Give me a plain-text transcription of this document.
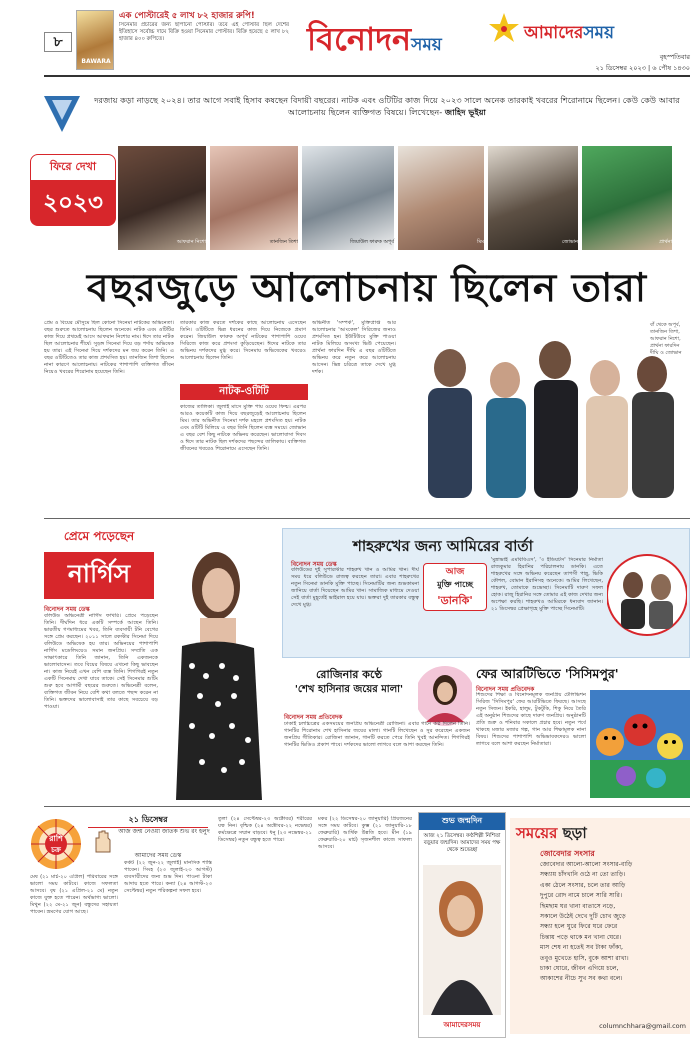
BAWARA
এক পোস্টারেই ৫ লাখ ৮২ হাজার রুপি!
সিনেমার প্রচারের জন্য ছাপানো পোস্টার। তবে এই পোস্টার ছিল দেশের ইতিহাসে সর্বোচ্চ দামে বিক্রি হওয়া সিনেমার পোস্টার। বিক্রি হয়েছে ৫ লাখ ৮২ হাজার ৪০০ রুপিতে।
৮	বিনোদনসময়
আমাদেরসময়
বৃহস্পতিবার
২১ ডিসেম্বর ২০২৩ | ৬ পৌষ ১৪৩০
দরজায় কড়া নাড়ছে ২০২৪। তার আগে সবাই হিসাব কষছেন বিদায়ী বছরের। নাটক এবং ওটিটির কাজ দিয়ে ২০২৩ সালে অনেক তারকাই খবরের শিরোনামে ছিলেন। কেউ কেউ আবার আলোচনায় ছিলেন ব্যক্তিগত বিষয়ে। লিখেছেন- জাহিদ ভূইয়া
ফিরে দেখা
২০২৩
আফরান নিশো	তানজিন তিশা	জিয়াউল ফারুক অপূর্ব	মিম	জোভান	প্রার্থনা
বছরজুড়ে আলোচনায় ছিলেন তারা
প্রেম ও বিয়ের মৌসুমে ছিল কোনো সিনেমা নাটকের অভিনেতা। বছর শুরুতে আলোচনায় ছিলেন অনেকে। নাটক এবং ওটিটির কাজ দিয়ে প্রথমেই আসে আফরান নিশোর নাম। ঈদে তার নাটক ছিল আলোচনার শীর্ষে। সুড়ঙ্গ সিনেমা দিয়ে বড় পর্দায় অভিষেক হয় তার। এই সিনেমা দিয়ে দর্শকদের মন জয় করেন তিনি। এ বছর ওটিটিতেও তার কাজ প্রশংসিত হয়। তানজিন তিশা ছিলেন নানা কারণে আলোচনায়। নাটকের পাশাপাশি ব্যক্তিগত জীবন নিয়েও খবরের শিরোনাম হয়েছেন তিনি।
তারকার কাজ করতে দর্শকের কাছে আলোচনায় এসেছেন তিনি। ওটিটিতে ভিন্ন ধরনের কাজ দিয়ে নিজেকে প্রমাণ করেন। জিয়াউল ফারুক অপূর্ব নাটকের পাশাপাশি ওয়েব সিরিজে কাজ করে প্রশংসা কুড়িয়েছেন। ঈদের নাটকে তার অভিনয় দর্শকদের মুগ্ধ করে। সিনেমায় অভিষেকের খবরেও আলোচনায় ছিলেন তিনি।
নাটক-ওটিটি
কাজের তালিকা। জুলাই মাসে মুক্তি পায় ওয়েব ফিল্ম। এরপর আরও কয়েকটি কাজ দিয়ে বছরজুড়েই আলোচনায় ছিলেন মিম। তার অভিনীত সিনেমা দর্শক মহলে প্রশংসিত হয়। নাটক এবং ওটিটি মিলিয়ে এ বছর তিনি ছিলেন ব্যস্ত সময়ে। জোভান এ বছর বেশ কিছু নাটকে অভিনয় করেছেন। ভালোবাসা দিবস ও ঈদে তার নাটক ছিল দর্শকদের পছন্দের তালিকায়। ব্যক্তিগত জীবনের খবরেও শিরোনামে এসেছেন তিনি।
অভিনীত 'সম্পর্ক', মুক্তিপ্রাপ্ত আর আলোচনার 'আংকেল' সিরিজের জন্যও প্রশংসিত হন। ইউটিউবে মুক্তি পাওয়া নাটক মিলিয়ে অসংখ্য ভিউ পেয়েছেন। প্রার্থনা ফারদিন দীঘি এ বছর ওটিটিতে অভিনয় করে নতুন করে আলোচনায় আসেন। ভিন্ন চরিত্রে তাকে দেখে মুগ্ধ দর্শক।
বাঁ থেকে অপূর্ব, তানজিন তিশা, আফরান নিশো, প্রার্থনা ফারদিন দীঘি ও জোভান
প্রেমে পড়েছেন
নার্গিস
বিনোদন সময় ডেস্ক
বলিউড অভিনেত্রী নার্গিস ফাখরি। প্রেমে পড়েছেন তিনি। দীর্ঘদিন ধরে একটি সম্পর্কে আছেন তিনি। ভারতীয় গণমাধ্যমের খবর, তিনি ব্যবসায়ী টনি বেগের সঙ্গে প্রেম করছেন। ২০১১ সালে রকস্টার সিনেমা দিয়ে বলিউডে অভিষেক হয় তার। অভিনয়ের পাশাপাশি নার্গিস মডেলিংয়েও সমান জনপ্রিয়। সম্প্রতি এক সাক্ষাৎকারে তিনি জানান, তিনি একজনকে ভালোবাসেন। তবে বিয়ের বিষয়ে এখনো কিছু ভাবছেন না। কাজ নিয়েই এখন বেশি ব্যস্ত তিনি। শিগগিরই নতুন একটি সিনেমায় দেখা যাবে তাকে। সেই সিনেমার শুটিং শুরু হবে আগামী বছরের শুরুতে। অভিনেত্রী বলেন, ব্যক্তিগত জীবন নিয়ে বেশি কথা বলতে পছন্দ করেন না তিনি। ভক্তদের ভালোবাসাই তার কাছে সবচেয়ে বড় পাওয়া।
শাহরুখের জন্য আমিরের বার্তা
বিনোদন সময় ডেস্ক
বলিউডের দুই সুপারস্টার শাহরুখ খান ও আমির খান। দীর্ঘ সময় ধরে বলিউডে রাজত্ব করছেন তারা। এবার শাহরুখের নতুন সিনেমা ডানকি মুক্তি পাচ্ছে। সিনেমাটির জন্য শুভকামনা জানিয়ে বার্তা দিয়েছেন আমির খান। সামাজিক মাধ্যমে দেওয়া সেই বার্তা মুহূর্তেই ভাইরাল হয়ে যায়। ভক্তরা দুই তারকার বন্ধুত্ব দেখে মুগ্ধ।
আজ
মুক্তি পাচ্ছে
'ডানকি'
'মুন্নাভাই এমবিবিএস', '৩ ইডিয়টস' সিনেমার নির্মাতা রাজকুমার হিরানির পরিচালনায় ডানকি। এতে শাহরুখের সঙ্গে অভিনয় করেছেন তাপসী পান্নু, ভিকি কৌশল, বোমান ইরানিসহ অনেকে। আমির লিখেছেন, শাহরুখ, তোমাকে শুভেচ্ছা। সিনেমাটি দারুণ সফল হোক। রাজু হিরানির সঙ্গে তোমার এই কাজ দেখার জন্য অপেক্ষা করছি। শাহরুখও আমিরকে ধন্যবাদ জানান। ২১ ডিসেম্বর প্রেক্ষাগৃহে মুক্তি পাচ্ছে সিনেমাটি।
রোজিনার কণ্ঠে
'শেখ হাসিনার জয়ের মালা'
বিনোদন সময় প্রতিবেদক
ঢাকাই চলচ্চিত্রের একসময়ের জনপ্রিয় অভিনেত্রী রোজিনা। এবার গানে কণ্ঠ দিলেন তিনি। গানটির শিরোনাম শেখ হাসিনার জয়ের মালা। গানটি লিখেছেন ও সুর করেছেন একজন জনপ্রিয় গীতিকার। রোজিনা জানান, গানটি করতে পেরে তিনি খুবই আনন্দিত। শিগগিরই গানটির ভিডিও প্রকাশ পাবে। দর্শকদের ভালো লাগবে বলে আশা করছেন তিনি।
ফের আরটিভিতে 'সিসিমপুর'
বিনোদন সময় প্রতিবেদক
শিশুদের শিক্ষা ও বিনোদনমূলক জনপ্রিয় টেলিভিশন সিরিজ 'সিসিমপুর' ফের আরটিভিতে ফিরছে। আসছে নতুন সিজন। ইকরি, হালুম, টুকটুকি, শিকু নিয়ে তৈরি এই অনুষ্ঠান শিশুদের কাছে দারুণ জনপ্রিয়। অনুষ্ঠানটি প্রতি শুক্র ও শনিবার সকালে প্রচার হবে। নতুন পর্বে থাকছে মজার মজার গল্প, গান আর শিক্ষামূলক নানা বিষয়। শিশুদের পাশাপাশি অভিভাবকদেরও ভালো লাগবে বলে আশা করছেন নির্মাতারা।
রাশি
চক্র
২১ ডিসেম্বর
আজ জন্ম নেওয়া জাতক শুভ রং হলুদ
আমাদের সময় ডেস্ক
মেষ (২১ মার্চ-২০ এপ্রিল) পরিবারের সঙ্গে ভালো সময় কাটবে। কাজে সফলতা আসবে। বৃষ (২১ এপ্রিল-২১ মে) নতুন কাজে যুক্ত হতে পারেন। অর্থভাগ্য ভালো। মিথুন (২২ মে-২১ জুন) বন্ধুদের সহায়তা পাবেন। ভ্রমণের যোগ আছে।
কর্কট (২২ জুন-২২ জুলাই) মানসিক শান্তি পাবেন। সিংহ (২৩ জুলাই-২৩ আগস্ট) ব্যবসায়ীদের জন্য শুভ দিন। পাওনা টাকা আদায় হতে পারে। কন্যা (২৪ আগস্ট-২৩ সেপ্টেম্বর) নতুন পরিকল্পনা সফল হবে।
তুলা (২৪ সেপ্টেম্বর-২৩ অক্টোবর) শরীরের যত্ন নিন। বৃশ্চিক (২৪ অক্টোবর-২২ নভেম্বর) কর্মক্ষেত্রে সম্মান বাড়বে। ধনু (২৩ নভেম্বর-২১ ডিসেম্বর) নতুন বন্ধুত্ব হতে পারে।
মকর (২২ ডিসেম্বর-২০ জানুয়ারি) প্রিয়জনের সঙ্গে সময় কাটবে। কুম্ভ (২১ জানুয়ারি-১৮ ফেব্রুয়ারি) আর্থিক উন্নতি হবে। মীন (১৯ ফেব্রুয়ারি-২০ মার্চ) সৃজনশীল কাজে সাফল্য আসবে।
শুভ জন্মদিন
আজ ২১ ডিসেম্বর। কণ্ঠশিল্পী নিশিতা বড়ুয়ার জন্মদিন। আমাদের সময় পক্ষ থেকে শুভেচ্ছা
আমাদেরসময়
সময়ের ছড়া
জোবেদার সংসার
জোবেদার আলো-আলো সংসার-বাড়ি
সন্ধ্যায় চাঁদখানি ওঠে না তো তাড়ি।
একা ঠেলে সংসার, চলে তার আড়ি
দুপুরে রোদ নামে চালে সারি সারি।
ছিমছাম ঘর খানা বাতাসে নড়ে,
সকালে উঠেই দেখে দুটি চোখ জুড়ে
সন্ধ্যা হলে ঘুরে ফিরে ঘরে ফেরে
চিন্তায় পড়ে থাকে মন খানা ঘেরে।
মাস শেষ না হতেই সব টাকা ফাঁকা,
তবুও মুখেতে হাসি, বুকে আশা রাখা।
চাকা ঘোরে, জীবন এগিয়ে চলে,
আকাশের নীচে সুখ সব কথা বলে।
columnchhara@gmail.com
